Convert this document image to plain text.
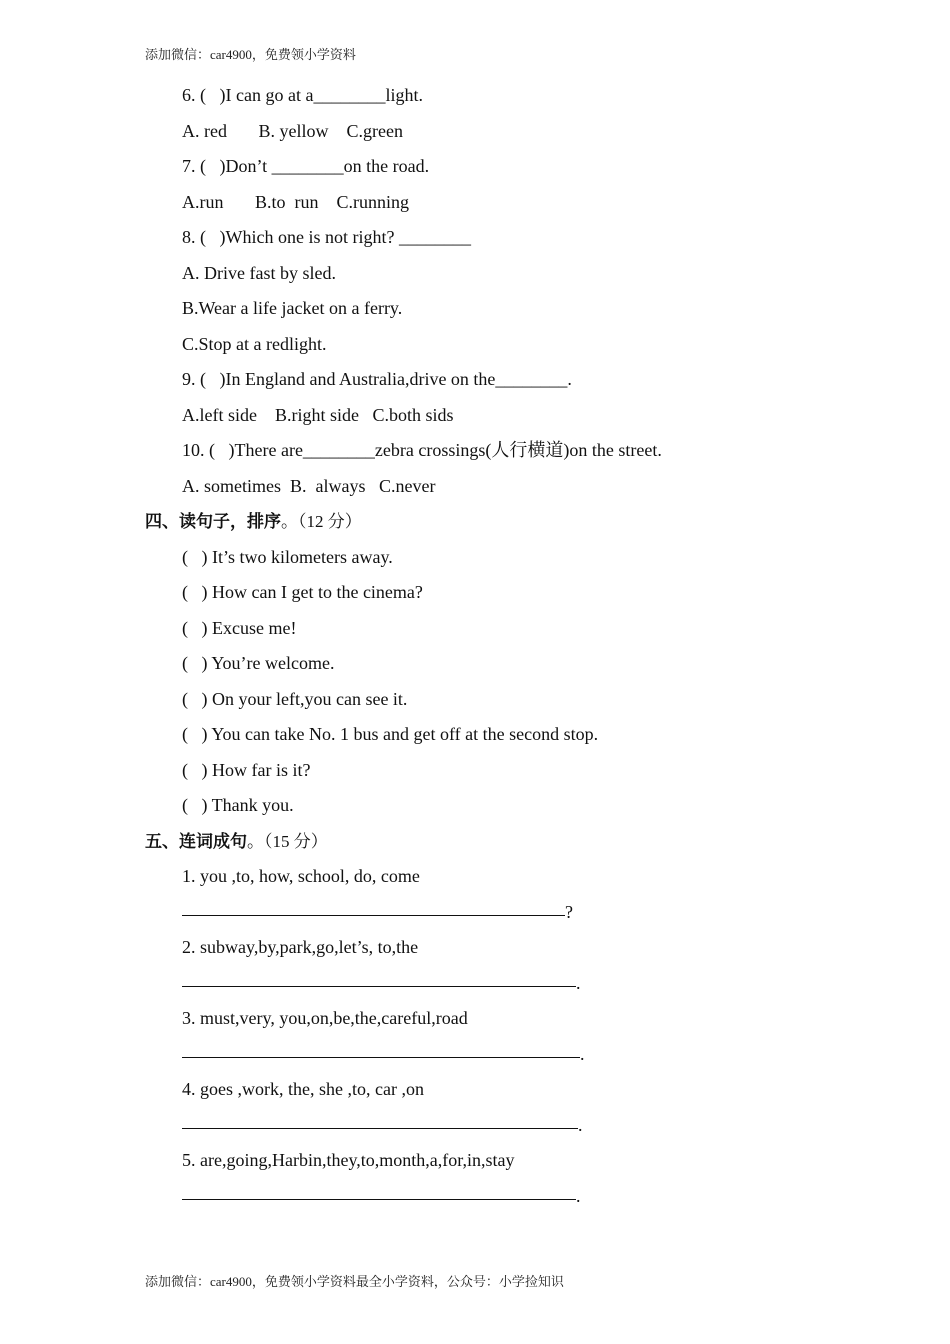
添加微信：car4900，免费领小学资料
6. (   )I can go at a________light.
A. red       B. yellow    C.green
7. (   )Don’t ________on the road.
A.run       B.to  run    C.running
8. (   )Which one is not right? ________
A. Drive fast by sled.
B.Wear a life jacket on a ferry.
C.Stop at a redlight.
9. (   )In England and Australia,drive on the________.
A.left side    B.right side   C.both sids
10. (   )There are________zebra crossings(人行横道)on the street.
A. sometimes  B.  always   C.never
四、读句子，排序。（12 分）
(   ) It’s two kilometers away.
(   ) How can I get to the cinema?
(   ) Excuse me!
(   ) You’re welcome.
(   ) On your left,you can see it.
(   ) You can take No. 1 bus and get off at the second stop.
(   ) How far is it?
(   ) Thank you.
五、连词成句。（15 分）
1. you ,to, how, school, do, come
?
2. subway,by,park,go,let’s, to,the
.
3. must,very, you,on,be,the,careful,road
.
4. goes ,work, the, she ,to, car ,on
.
5. are,going,Harbin,they,to,month,a,for,in,stay
.
添加微信：car4900，免费领小学资料最全小学资料，公众号：小学捡知识
